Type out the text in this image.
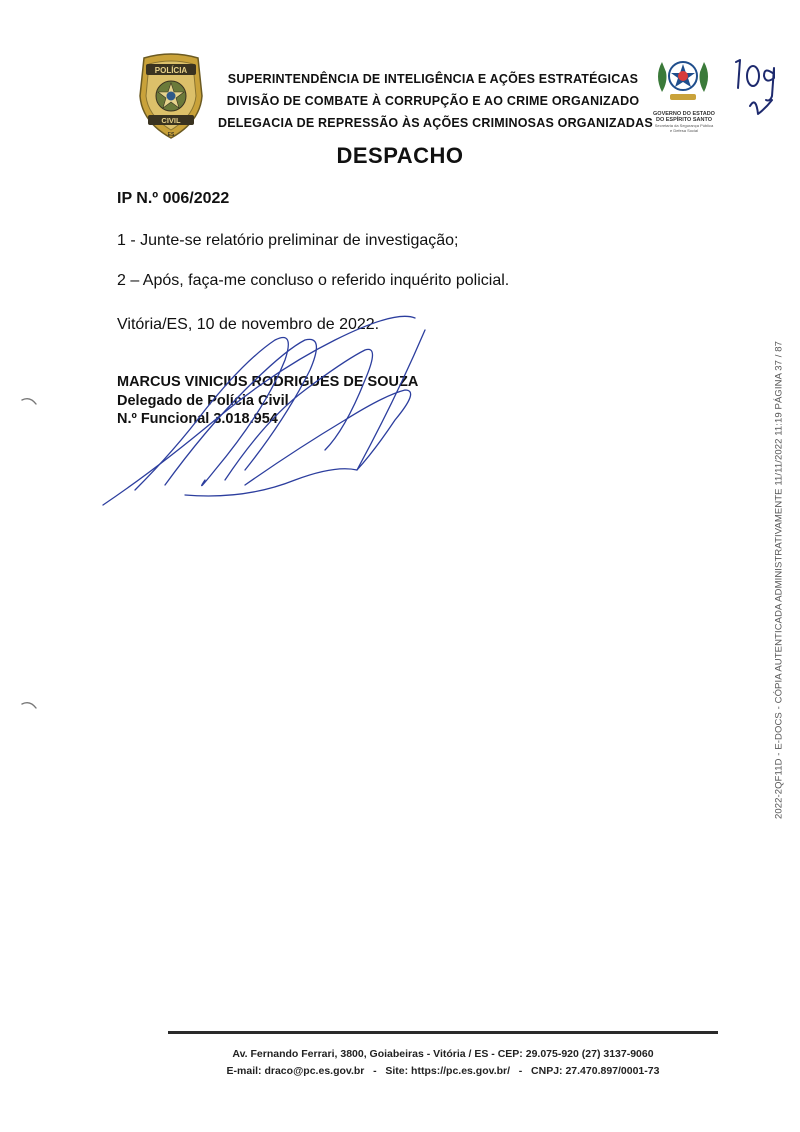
POLÍCIA
CIVIL
ES
SUPERINTENDÊNCIA DE INTELIGÊNCIA E AÇÕES ESTRATÉGICAS
DIVISÃO DE COMBATE À CORRUPÇÃO E AO CRIME ORGANIZADO
DELEGACIA DE REPRESSÃO ÀS AÇÕES CRIMINOSAS ORGANIZADAS
GOVERNO DO ESTADO
DO ESPÍRITO SANTO
Secretaria da Segurança Pública
e Defesa Social
DESPACHO
IP N.º 006/2022
1 - Junte-se relatório preliminar de investigação;
2 – Após, faça-me concluso o referido inquérito policial.
Vitória/ES, 10 de novembro de 2022.
MARCUS VINICIUS RODRIGUES DE SOUZA
Delegado de Polícia Civil
N.º Funcional 3.018.954	2022-2QF11D - E-DOCS - CÓPIA AUTENTICADA ADMINISTRATIVAMENTE 11/11/2022 11:19 PÁGINA 37 / 87
Av. Fernando Ferrari, 3800, Goiabeiras - Vitória / ES - CEP: 29.075-920 (27) 3137-9060
E-mail: draco@pc.es.gov.br   -   Site: https://pc.es.gov.br/   -   CNPJ: 27.470.897/0001-73
